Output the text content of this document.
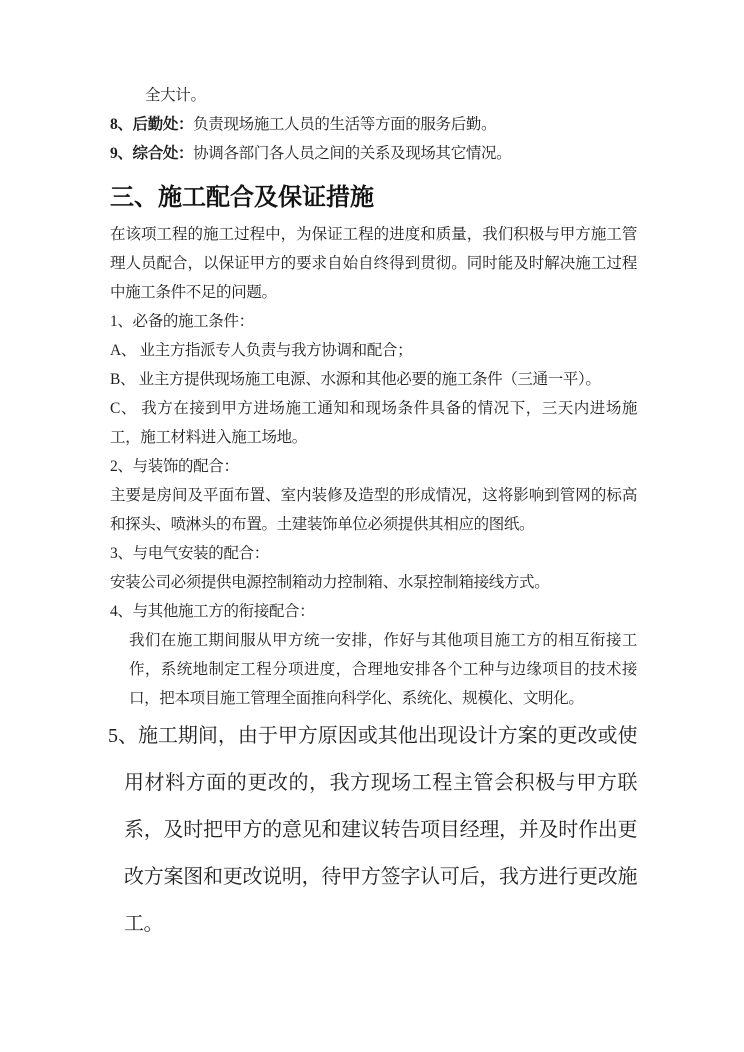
全大计。

8、后勤处：负责现场施工人员的生活等方面的服务后勤。

9、综合处：协调各部门各人员之间的关系及现场其它情况。

三、施工配合及保证措施

在该项工程的施工过程中，为保证工程的进度和质量，我们积极与甲方施工管理人员配合，以保证甲方的要求自始自终得到贯彻。同时能及时解决施工过程中施工条件不足的问题。

1、必备的施工条件：

A、 业主方指派专人负责与我方协调和配合；

B、 业主方提供现场施工电源、水源和其他必要的施工条件（三通一平）。

C、 我方在接到甲方进场施工通知和现场条件具备的情况下，三天内进场施工，施工材料进入施工场地。

2、与装饰的配合：

主要是房间及平面布置、室内装修及造型的形成情况，这将影响到管网的标高和探头、喷淋头的布置。土建装饰单位必须提供其相应的图纸。

3、与电气安装的配合：

安装公司必须提供电源控制箱动力控制箱、水泵控制箱接线方式。

4、与其他施工方的衔接配合：

我们在施工期间服从甲方统一安排，作好与其他项目施工方的相互衔接工作，系统地制定工程分项进度，合理地安排各个工种与边缘项目的技术接口，把本项目施工管理全面推向科学化、系统化、规模化、文明化。

5、施工期间，由于甲方原因或其他出现设计方案的更改或使用材料方面的更改的，我方现场工程主管会积极与甲方联系，及时把甲方的意见和建议转告项目经理，并及时作出更改方案图和更改说明，待甲方签字认可后，我方进行更改施工。
